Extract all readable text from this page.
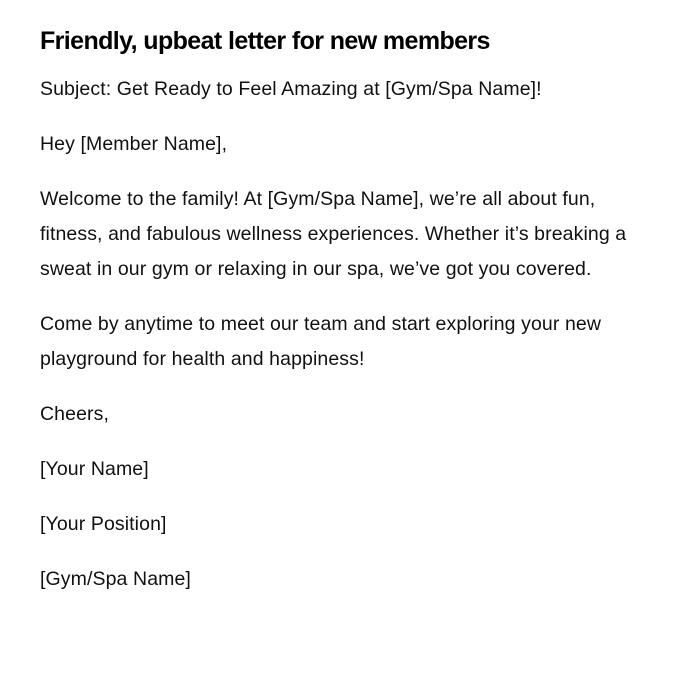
Friendly, upbeat letter for new members

Subject: Get Ready to Feel Amazing at [Gym/Spa Name]!

Hey [Member Name],

Welcome to the family! At [Gym/Spa Name], we’re all about fun, fitness, and fabulous wellness experiences. Whether it’s breaking a sweat in our gym or relaxing in our spa, we’ve got you covered.

Come by anytime to meet our team and start exploring your new playground for health and happiness!

Cheers,

[Your Name]

[Your Position]

[Gym/Spa Name]
